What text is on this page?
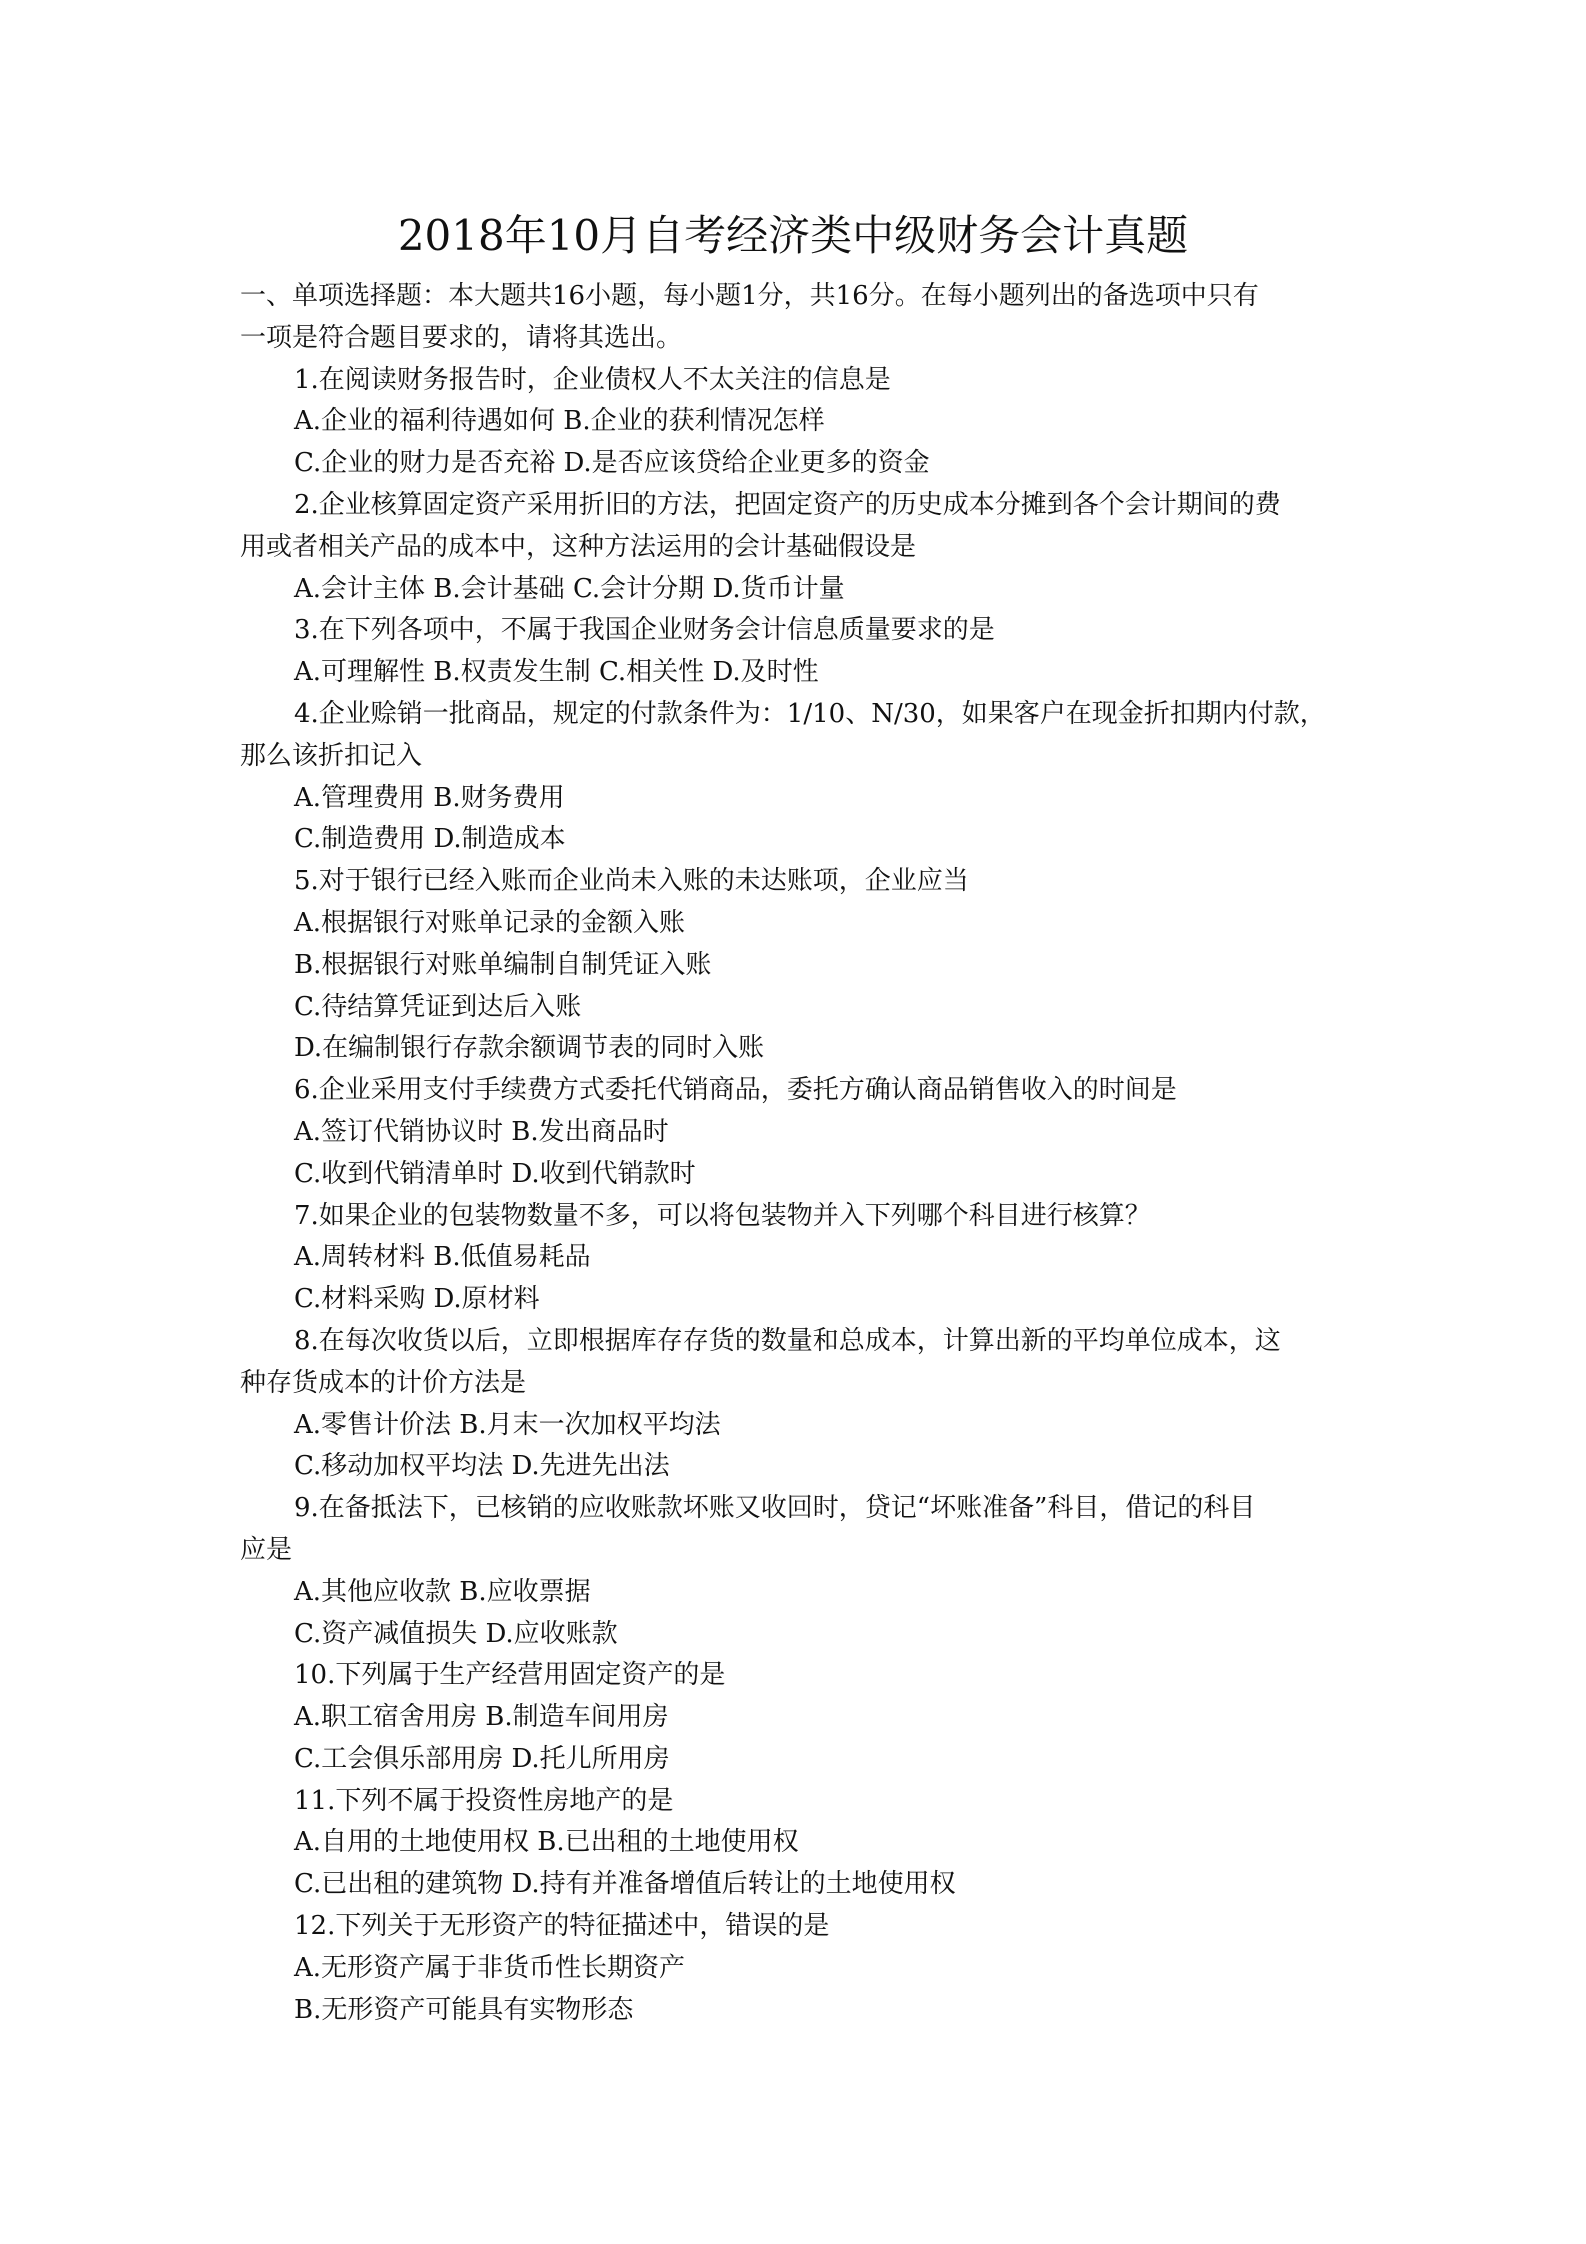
2018年10月自考经济类中级财务会计真题
一、单项选择题：本大题共16小题，每小题1分，共16分。在每小题列出的备选项中只有
一项是符合题目要求的，请将其选出。
1.在阅读财务报告时，企业债权人不太关注的信息是
A.企业的福利待遇如何 B.企业的获利情况怎样
C.企业的财力是否充裕 D.是否应该贷给企业更多的资金
2.企业核算固定资产采用折旧的方法，把固定资产的历史成本分摊到各个会计期间的费
用或者相关产品的成本中，这种方法运用的会计基础假设是
A.会计主体 B.会计基础 C.会计分期 D.货币计量
3.在下列各项中，不属于我国企业财务会计信息质量要求的是
A.可理解性 B.权责发生制 C.相关性 D.及时性
4.企业赊销一批商品，规定的付款条件为：1/10、N/30，如果客户在现金折扣期内付款，
那么该折扣记入
A.管理费用 B.财务费用
C.制造费用 D.制造成本
5.对于银行已经入账而企业尚未入账的未达账项，企业应当
A.根据银行对账单记录的金额入账
B.根据银行对账单编制自制凭证入账
C.待结算凭证到达后入账
D.在编制银行存款余额调节表的同时入账
6.企业采用支付手续费方式委托代销商品，委托方确认商品销售收入的时间是
A.签订代销协议时 B.发出商品时
C.收到代销清单时 D.收到代销款时
7.如果企业的包装物数量不多，可以将包装物并入下列哪个科目进行核算？
A.周转材料 B.低值易耗品
C.材料采购 D.原材料
8.在每次收货以后，立即根据库存存货的数量和总成本，计算出新的平均单位成本，这
种存货成本的计价方法是
A.零售计价法 B.月末一次加权平均法
C.移动加权平均法 D.先进先出法
9.在备抵法下，已核销的应收账款坏账又收回时，贷记“坏账准备”科目，借记的科目
应是
A.其他应收款 B.应收票据
C.资产减值损失 D.应收账款
10.下列属于生产经营用固定资产的是
A.职工宿舍用房 B.制造车间用房
C.工会俱乐部用房 D.托儿所用房
11.下列不属于投资性房地产的是
A.自用的土地使用权 B.已出租的土地使用权
C.已出租的建筑物 D.持有并准备增值后转让的土地使用权
12.下列关于无形资产的特征描述中，错误的是
A.无形资产属于非货币性长期资产
B.无形资产可能具有实物形态
